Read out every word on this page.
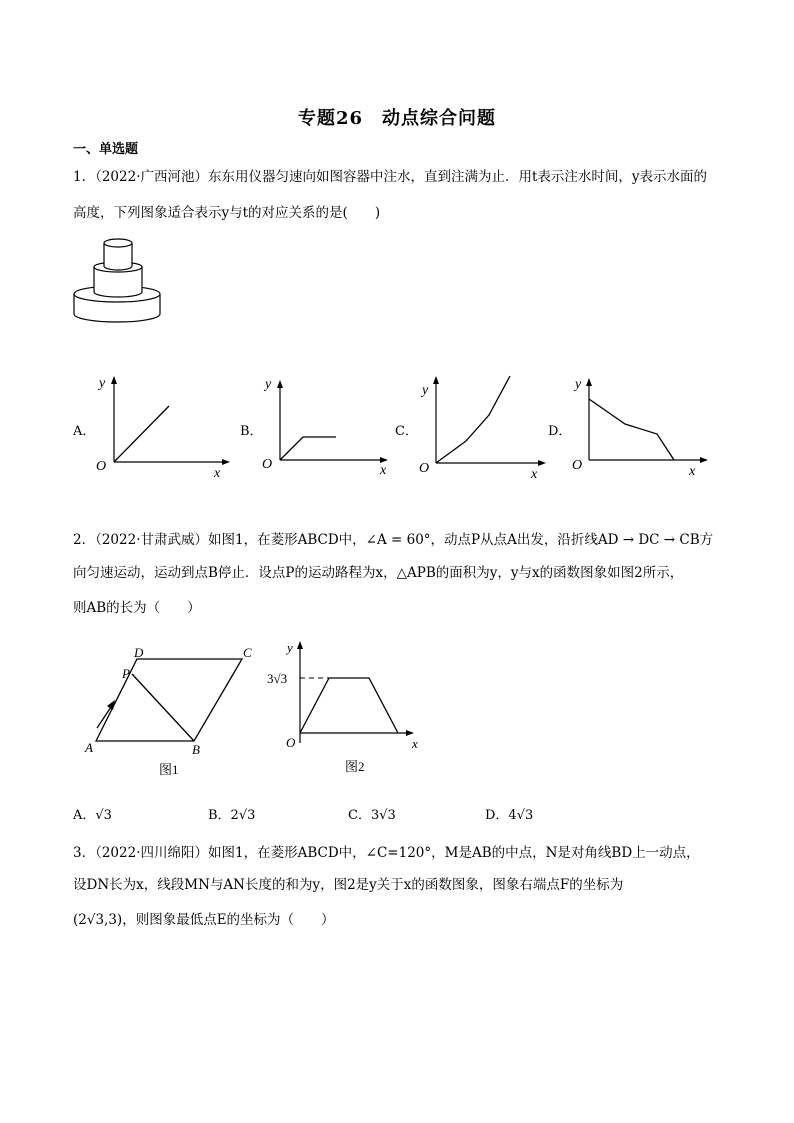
专题26　动点综合问题
一、单选题
1．（2022·广西河池）东东用仪器匀速向如图容器中注水，直到注满为止．用t表示注水时间，y表示水面的
高度，下列图象适合表示y与t的对应关系的是(　　)
A．
y
O	x
B．
y
O	x
C．
y
O	x
D．
y
O	x
2．（2022·甘肃武威）如图1，在菱形ABCD中，∠A = 60°，动点P从点A出发，沿折线AD → DC → CB方
向匀速运动，运动到点B停止．设点P的运动路程为x，△APB的面积为y，y与x的函数图象如图2所示，
则AB的长为（　　）
A	B
C
D
P
图1
y
O	x
3√3
图2
A．√3	B．2√3	C．3√3	D．4√3
3．（2022·四川绵阳）如图1，在菱形ABCD中，∠C=120°，M是AB的中点，N是对角线BD上一动点，
设DN长为x，线段MN与AN长度的和为y，图2是y关于x的函数图象，图象右端点F的坐标为
(2√3,3)，则图象最低点E的坐标为（　　）
